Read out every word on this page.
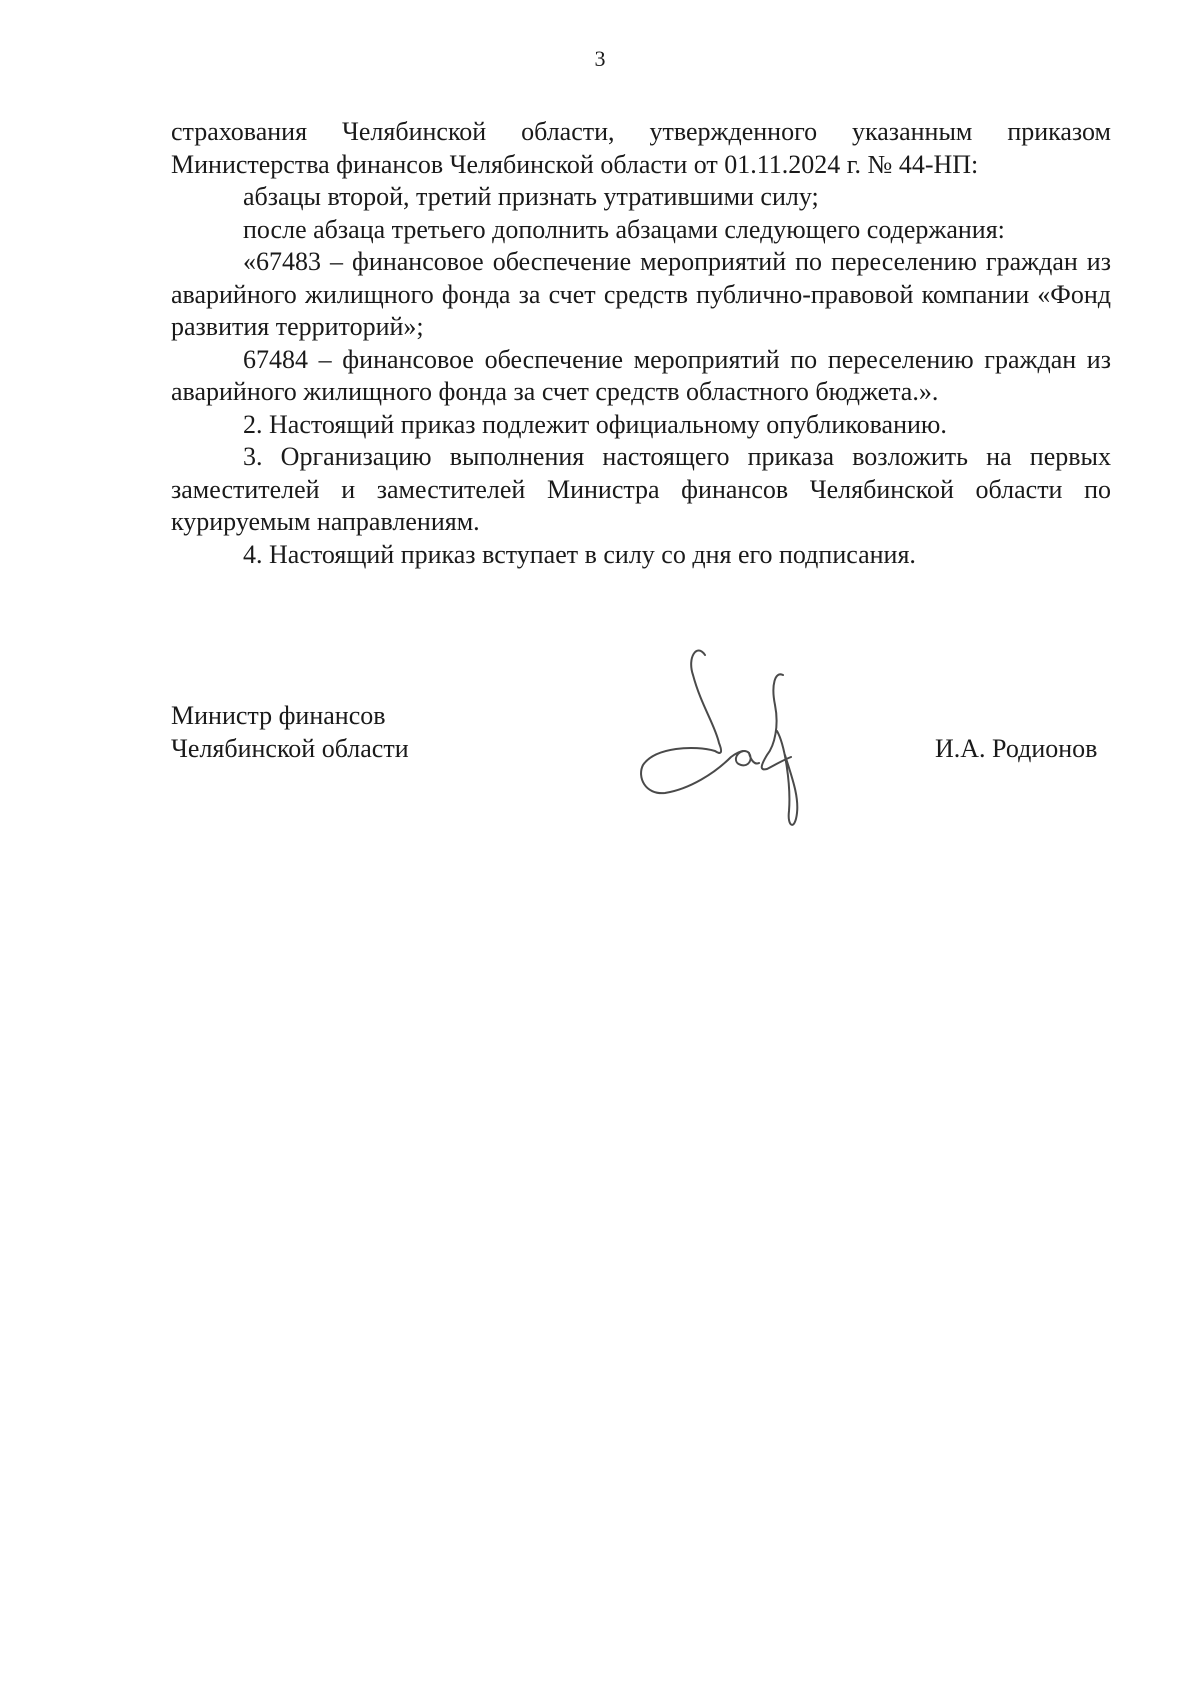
3

страхования Челябинской области, утвержденного указанным приказом Министерства финансов Челябинской области от 01.11.2024 г. № 44-НП:

абзацы второй, третий признать утратившими силу;

после абзаца третьего дополнить абзацами следующего содержания:

«67483 – финансовое обеспечение мероприятий по переселению граждан из аварийного жилищного фонда за счет средств публично-правовой компании «Фонд развития территорий»;

67484 – финансовое обеспечение мероприятий по переселению граждан из аварийного жилищного фонда за счет средств областного бюджета.».

2. Настоящий приказ подлежит официальному опубликованию.

3. Организацию выполнения настоящего приказа возложить на первых заместителей и заместителей Министра финансов Челябинской области по курируемым направлениям.

4. Настоящий приказ вступает в силу со дня его подписания.

Министр финансов
Челябинской области	И.А. Родионов
